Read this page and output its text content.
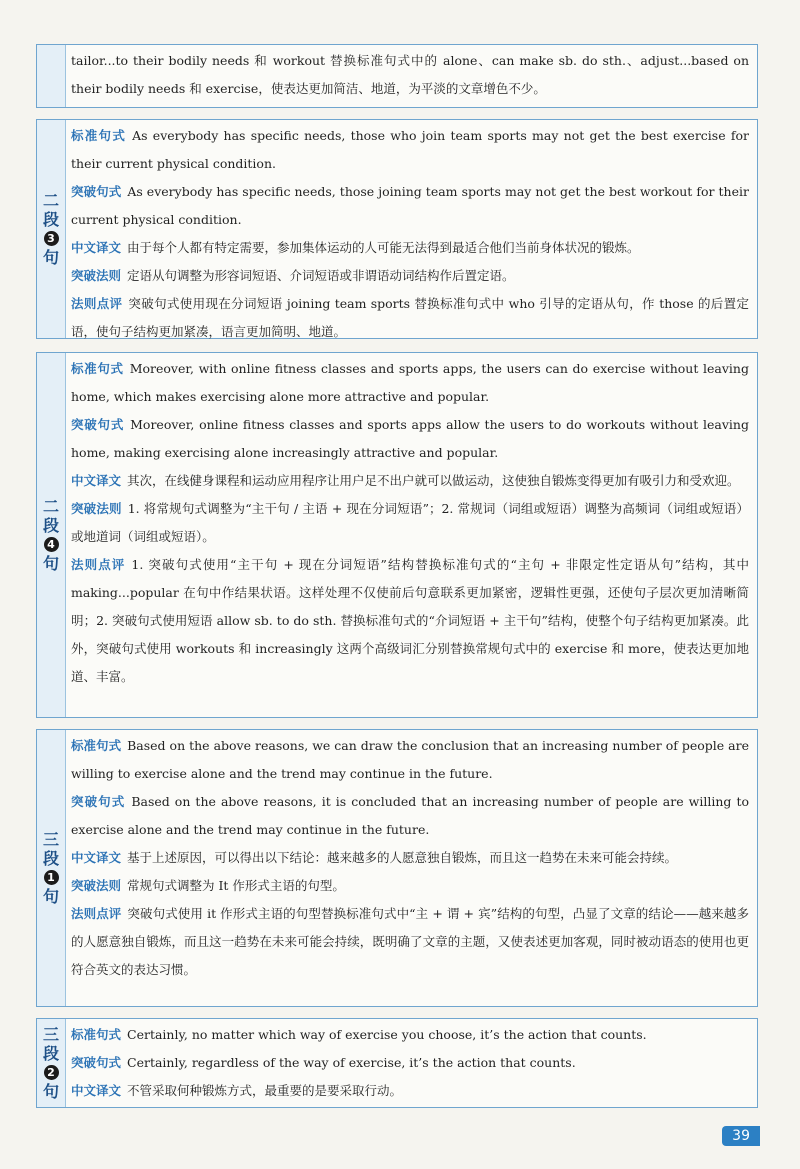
tailor...to their bodily needs 和 workout 替换标准句式中的 alone、can make sb. do sth.、adjust...based on their bodily needs 和 exercise，使表达更加简洁、地道，为平淡的文章增色不少。

二
段
3
句

标准句式 As everybody has specific needs, those who join team sports may not get the best exercise for their current physical condition.

突破句式 As everybody has specific needs, those joining team sports may not get the best workout for their current physical condition.

中文译文 由于每个人都有特定需要，参加集体运动的人可能无法得到最适合他们当前身体状况的锻炼。

突破法则 定语从句调整为形容词短语、介词短语或非谓语动词结构作后置定语。

法则点评 突破句式使用现在分词短语 joining team sports 替换标准句式中 who 引导的定语从句，作 those 的后置定语，使句子结构更加紧凑，语言更加简明、地道。

二
段
4
句

标准句式 Moreover, with online fitness classes and sports apps, the users can do exercise without leaving home, which makes exercising alone more attractive and popular.

突破句式 Moreover, online fitness classes and sports apps allow the users to do workouts without leaving home, making exercising alone increasingly attractive and popular.

中文译文 其次，在线健身课程和运动应用程序让用户足不出户就可以做运动，这使独自锻炼变得更加有吸引力和受欢迎。

突破法则 1. 将常规句式调整为“主干句 / 主语 + 现在分词短语”；2. 常规词（词组或短语）调整为高频词（词组或短语）或地道词（词组或短语）。

法则点评 1. 突破句式使用“主干句 + 现在分词短语”结构替换标准句式的“主句 + 非限定性定语从句”结构，其中 making...popular 在句中作结果状语。这样处理不仅使前后句意联系更加紧密，逻辑性更强，还使句子层次更加清晰简明；2. 突破句式使用短语 allow sb. to do sth. 替换标准句式的“介词短语 + 主干句”结构，使整个句子结构更加紧凑。此外，突破句式使用 workouts 和 increasingly 这两个高级词汇分别替换常规句式中的 exercise 和 more，使表达更加地道、丰富。

三
段
1
句

标准句式 Based on the above reasons, we can draw the conclusion that an increasing number of people are willing to exercise alone and the trend may continue in the future.

突破句式 Based on the above reasons, it is concluded that an increasing number of people are willing to exercise alone and the trend may continue in the future.

中文译文 基于上述原因，可以得出以下结论：越来越多的人愿意独自锻炼，而且这一趋势在未来可能会持续。

突破法则 常规句式调整为 It 作形式主语的句型。

法则点评 突破句式使用 it 作形式主语的句型替换标准句式中“主 + 谓 + 宾”结构的句型，凸显了文章的结论——越来越多的人愿意独自锻炼，而且这一趋势在未来可能会持续，既明确了文章的主题，又使表述更加客观，同时被动语态的使用也更符合英文的表达习惯。

三
段
2
句

标准句式 Certainly, no matter which way of exercise you choose, it’s the action that counts.

突破句式 Certainly, regardless of the way of exercise, it’s the action that counts.

中文译文 不管采取何种锻炼方式，最重要的是要采取行动。

39
